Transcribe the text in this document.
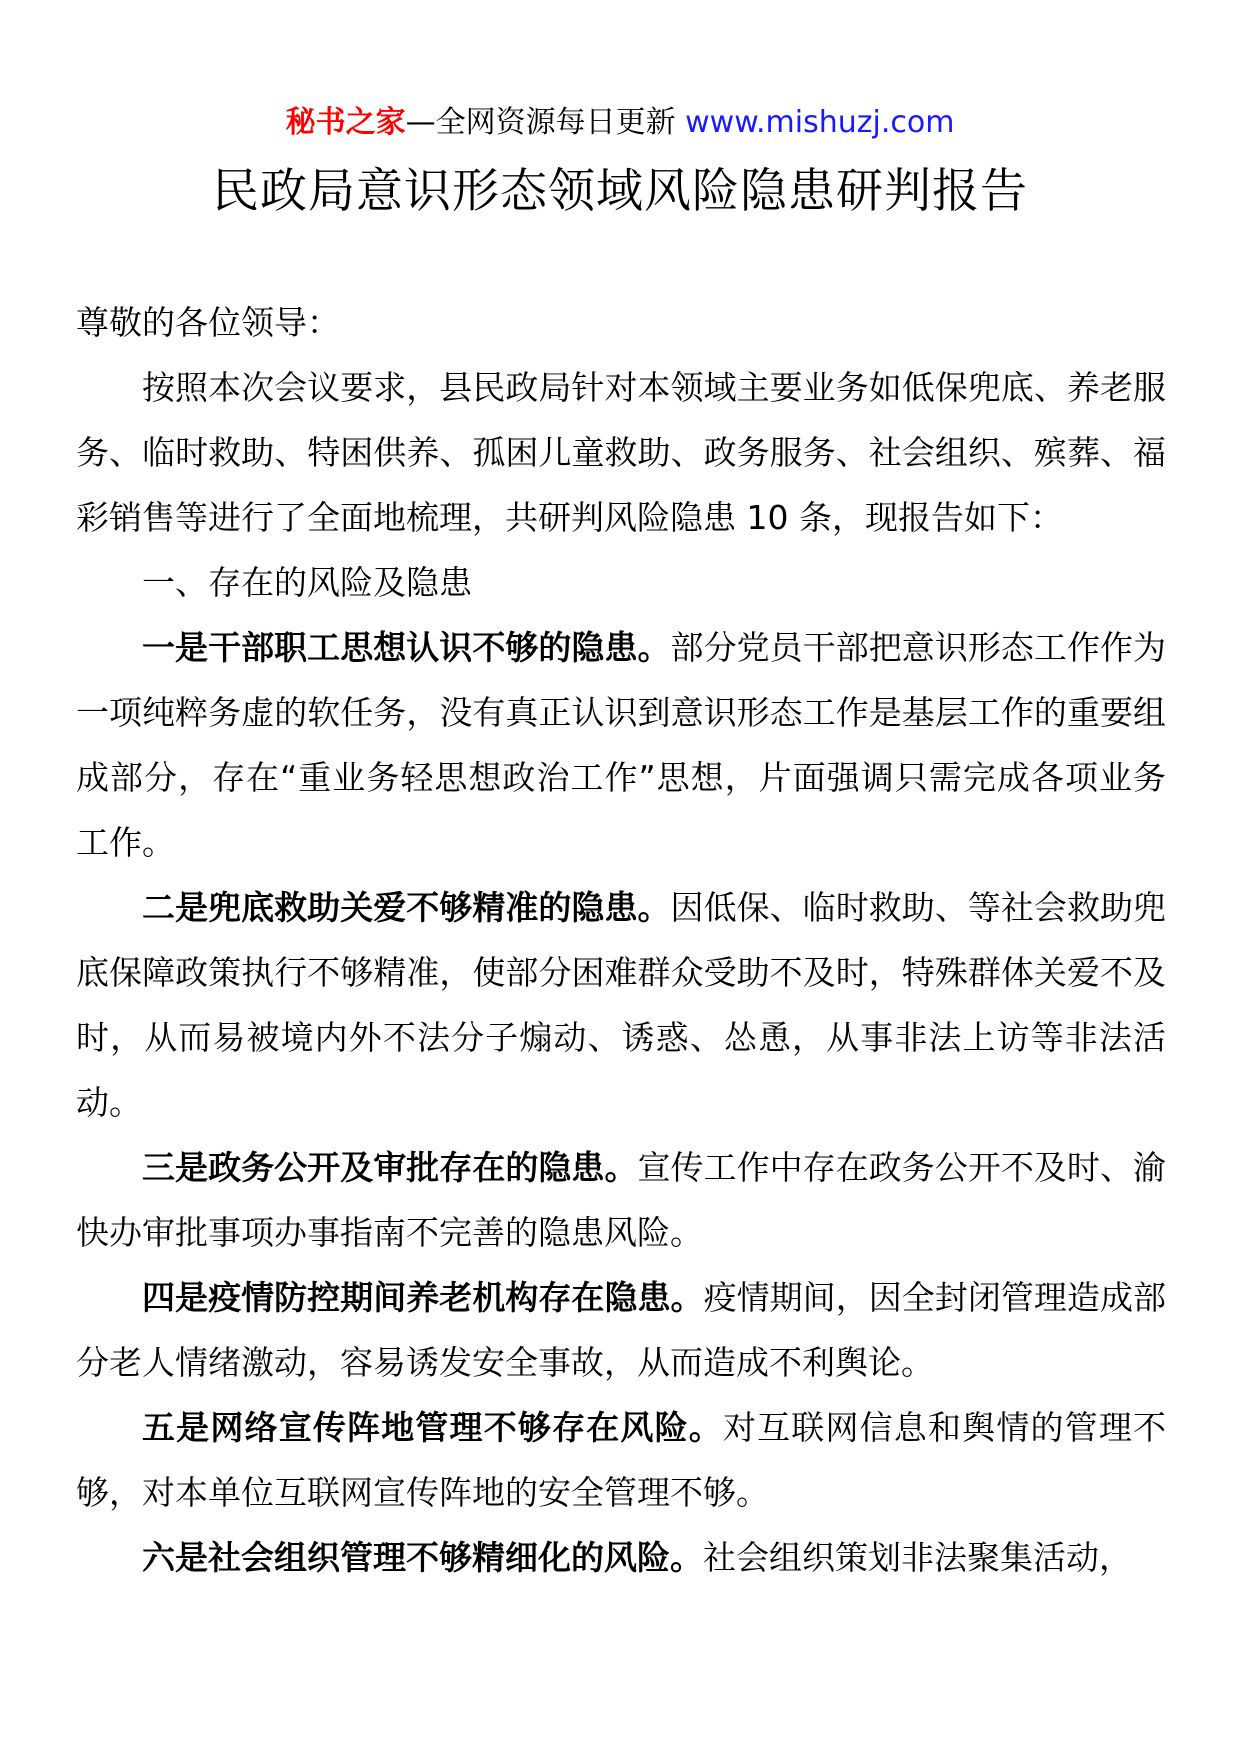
秘书之家—全网资源每日更新 www.mishuzj.com
民政局意识形态领域风险隐患研判报告

尊敬的各位领导：

按照本次会议要求，县民政局针对本领域主要业务如低保兜底、养老服务、临时救助、特困供养、孤困儿童救助、政务服务、社会组织、殡葬、福彩销售等进行了全面地梳理，共研判风险隐患 10 条，现报告如下：

一、存在的风险及隐患

一是干部职工思想认识不够的隐患。部分党员干部把意识形态工作作为一项纯粹务虚的软任务，没有真正认识到意识形态工作是基层工作的重要组成部分，存在“重业务轻思想政治工作”思想，片面强调只需完成各项业务工作。

二是兜底救助关爱不够精准的隐患。因低保、临时救助、等社会救助兜底保障政策执行不够精准，使部分困难群众受助不及时，特殊群体关爱不及时，从而易被境内外不法分子煽动、诱惑、怂恿，从事非法上访等非法活动。

三是政务公开及审批存在的隐患。宣传工作中存在政务公开不及时、渝快办审批事项办事指南不完善的隐患风险。

四是疫情防控期间养老机构存在隐患。疫情期间，因全封闭管理造成部分老人情绪激动，容易诱发安全事故，从而造成不利舆论。

五是网络宣传阵地管理不够存在风险。对互联网信息和舆情的管理不够，对本单位互联网宣传阵地的安全管理不够。

六是社会组织管理不够精细化的风险。社会组织策划非法聚集活动，
